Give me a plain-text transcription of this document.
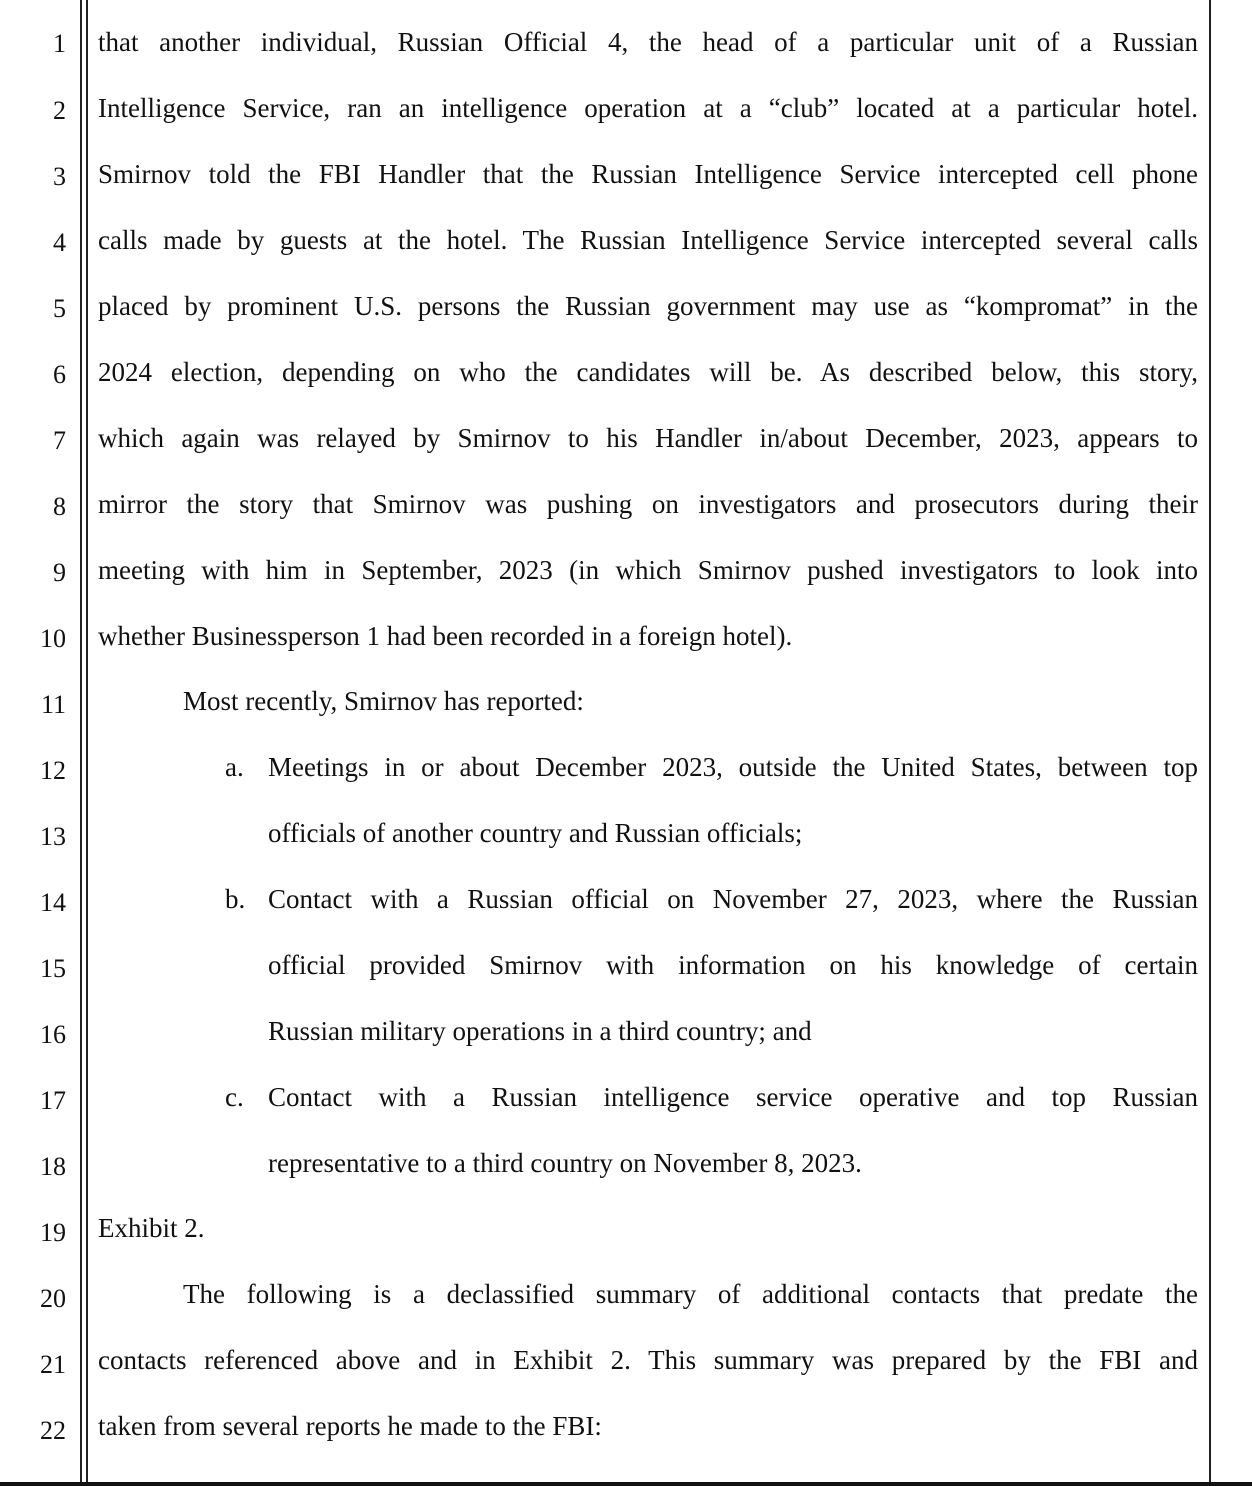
1
2
3
4
5
6
7
8
9
10
11
12
13
14
15
16
17
18
19
20
21
22
that another individual, Russian Official 4, the head of a particular unit of a Russian
Intelligence Service, ran an intelligence operation at a “club” located at a particular hotel.
Smirnov told the FBI Handler that the Russian Intelligence Service intercepted cell phone
calls made by guests at the hotel. The Russian Intelligence Service intercepted several calls
placed by prominent U.S. persons the Russian government may use as “kompromat” in the
2024 election, depending on who the candidates will be. As described below, this story,
which again was relayed by Smirnov to his Handler in/about December, 2023, appears to
mirror the story that Smirnov was pushing on investigators and prosecutors during their
meeting with him in September, 2023 (in which Smirnov pushed investigators to look into
whether Businessperson 1 had been recorded in a foreign hotel).
Most recently, Smirnov has reported:
a. Meetings in or about December 2023, outside the United States, between top
officials of another country and Russian officials;
b. Contact with a Russian official on November 27, 2023, where the Russian
official provided Smirnov with information on his knowledge of certain
Russian military operations in a third country; and
c. Contact with a Russian intelligence service operative and top Russian
representative to a third country on November 8, 2023.
Exhibit 2.
The following is a declassified summary of additional contacts that predate the
contacts referenced above and in Exhibit 2. This summary was prepared by the FBI and
taken from several reports he made to the FBI:
